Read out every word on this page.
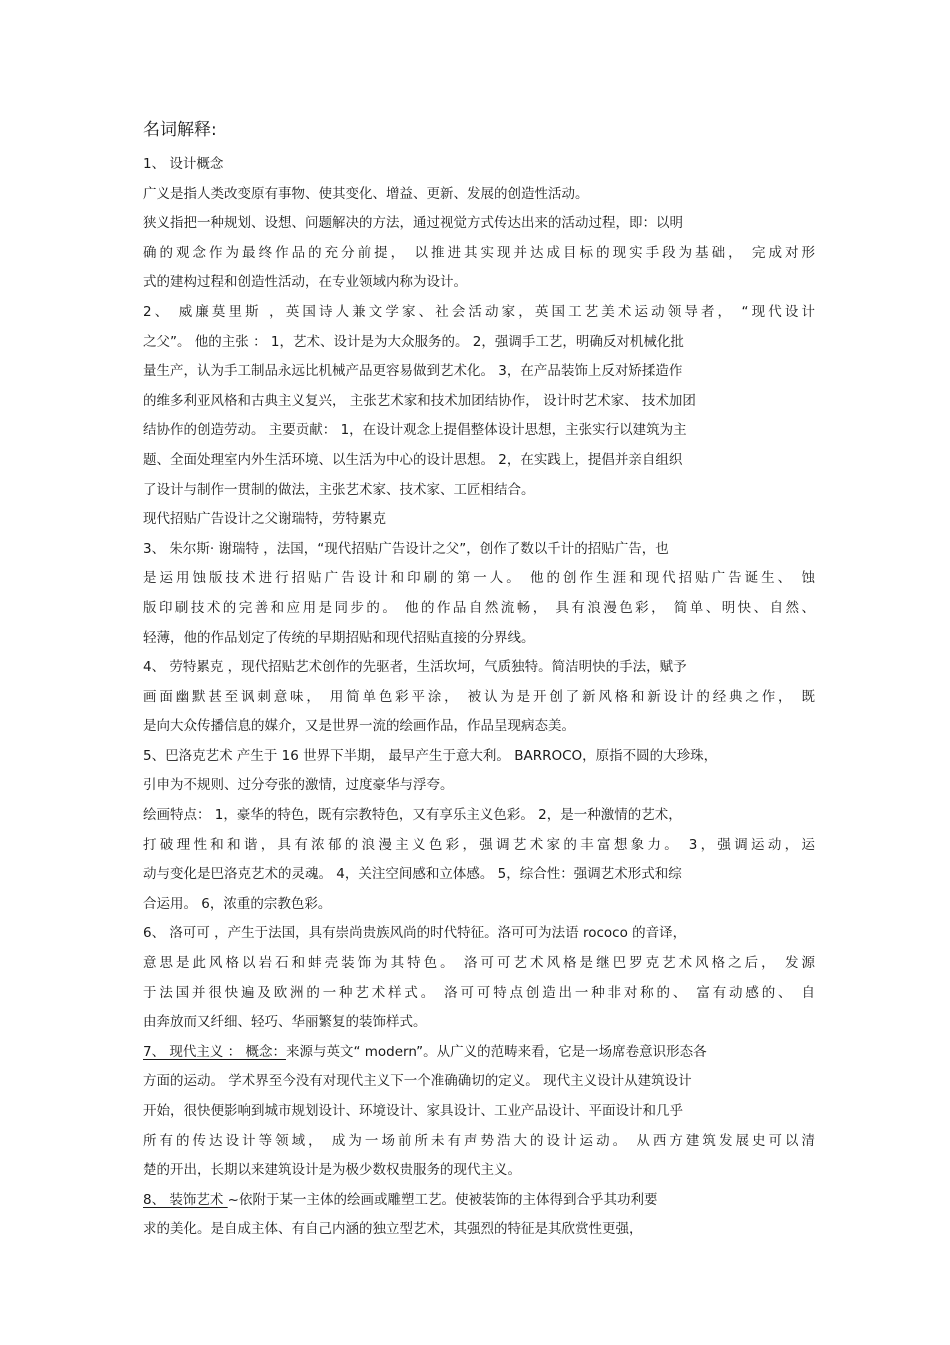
名词解释:
1、 设计概念
广义是指人类改变原有事物、使其变化、增益、更新、发展的创造性活动。
狭义指把一种规划、设想、问题解决的方法，通过视觉方式传达出来的活动过程，即：以明
确的观念作为最终作品的充分前提， 以推进其实现并达成目标的现实手段为基础， 完成对形
式的建构过程和创造性活动，在专业领域内称为设计。
2、 威廉莫里斯 ，英国诗人兼文学家、社会活动家，英国工艺美术运动领导者， “现代设计
之父”。 他的主张 ： 1，艺术、设计是为大众服务的。 2，强调手工艺，明确反对机械化批
量生产，认为手工制品永远比机械产品更容易做到艺术化。 3，在产品装饰上反对矫揉造作
的维多利亚风格和古典主义复兴， 主张艺术家和技术加团结协作， 设计时艺术家、 技术加团
结协作的创造劳动。 主要贡献： 1，在设计观念上提倡整体设计思想，主张实行以建筑为主
题、全面处理室内外生活环境、以生活为中心的设计思想。 2，在实践上，提倡并亲自组织
了设计与制作一贯制的做法，主张艺术家、技术家、工匠相结合。
现代招贴广告设计之父谢瑞特，劳特累克
3、 朱尔斯· 谢瑞特 ，法国，“现代招贴广告设计之父”，创作了数以千计的招贴广告，也
是运用蚀版技术进行招贴广告设计和印刷的第一人。 他的创作生涯和现代招贴广告诞生、 蚀
版印刷技术的完善和应用是同步的。 他的作品自然流畅， 具有浪漫色彩， 简单、明快、自然、
轻薄，他的作品划定了传统的早期招贴和现代招贴直接的分界线。
4、 劳特累克 ，现代招贴艺术创作的先驱者，生活坎坷，气质独特。简洁明快的手法，赋予
画面幽默甚至讽刺意味， 用简单色彩平涂， 被认为是开创了新风格和新设计的经典之作， 既
是向大众传播信息的媒介，又是世界一流的绘画作品，作品呈现病态美。
5、巴洛克艺术 产生于 16 世界下半期， 最早产生于意大利。 BARROCO，原指不圆的大珍珠，
引申为不规则、过分夸张的激情，过度豪华与浮夸。
绘画特点： 1，豪华的特色，既有宗教特色，又有享乐主义色彩。 2，是一种激情的艺术，
打破理性和和谐，具有浓郁的浪漫主义色彩，强调艺术家的丰富想象力。 3，强调运动，运
动与变化是巴洛克艺术的灵魂。 4，关注空间感和立体感。 5，综合性：强调艺术形式和综
合运用。 6，浓重的宗教色彩。
6、 洛可可 ，产生于法国，具有崇尚贵族风尚的时代特征。洛可可为法语 rococo 的音译，
意思是此风格以岩石和蚌壳装饰为其特色。 洛可可艺术风格是继巴罗克艺术风格之后， 发源
于法国并很快遍及欧洲的一种艺术样式。 洛可可特点创造出一种非对称的、 富有动感的、 自
由奔放而又纤细、轻巧、华丽繁复的装饰样式。
7、 现代主义 ： 概念：来源与英文“ modern”。从广义的范畴来看，它是一场席卷意识形态各
方面的运动。 学术界至今没有对现代主义下一个准确确切的定义。 现代主义设计从建筑设计
开始，很快便影响到城市规划设计、环境设计、家具设计、工业产品设计、平面设计和几乎
所有的传达设计等领域， 成为一场前所未有声势浩大的设计运动。 从西方建筑发展史可以清
楚的开出，长期以来建筑设计是为极少数权贵服务的现代主义。
8、 装饰艺术 ~依附于某一主体的绘画或雕塑工艺。使被装饰的主体得到合乎其功利要
求的美化。是自成主体、有自己内涵的独立型艺术，其强烈的特征是其欣赏性更强，
